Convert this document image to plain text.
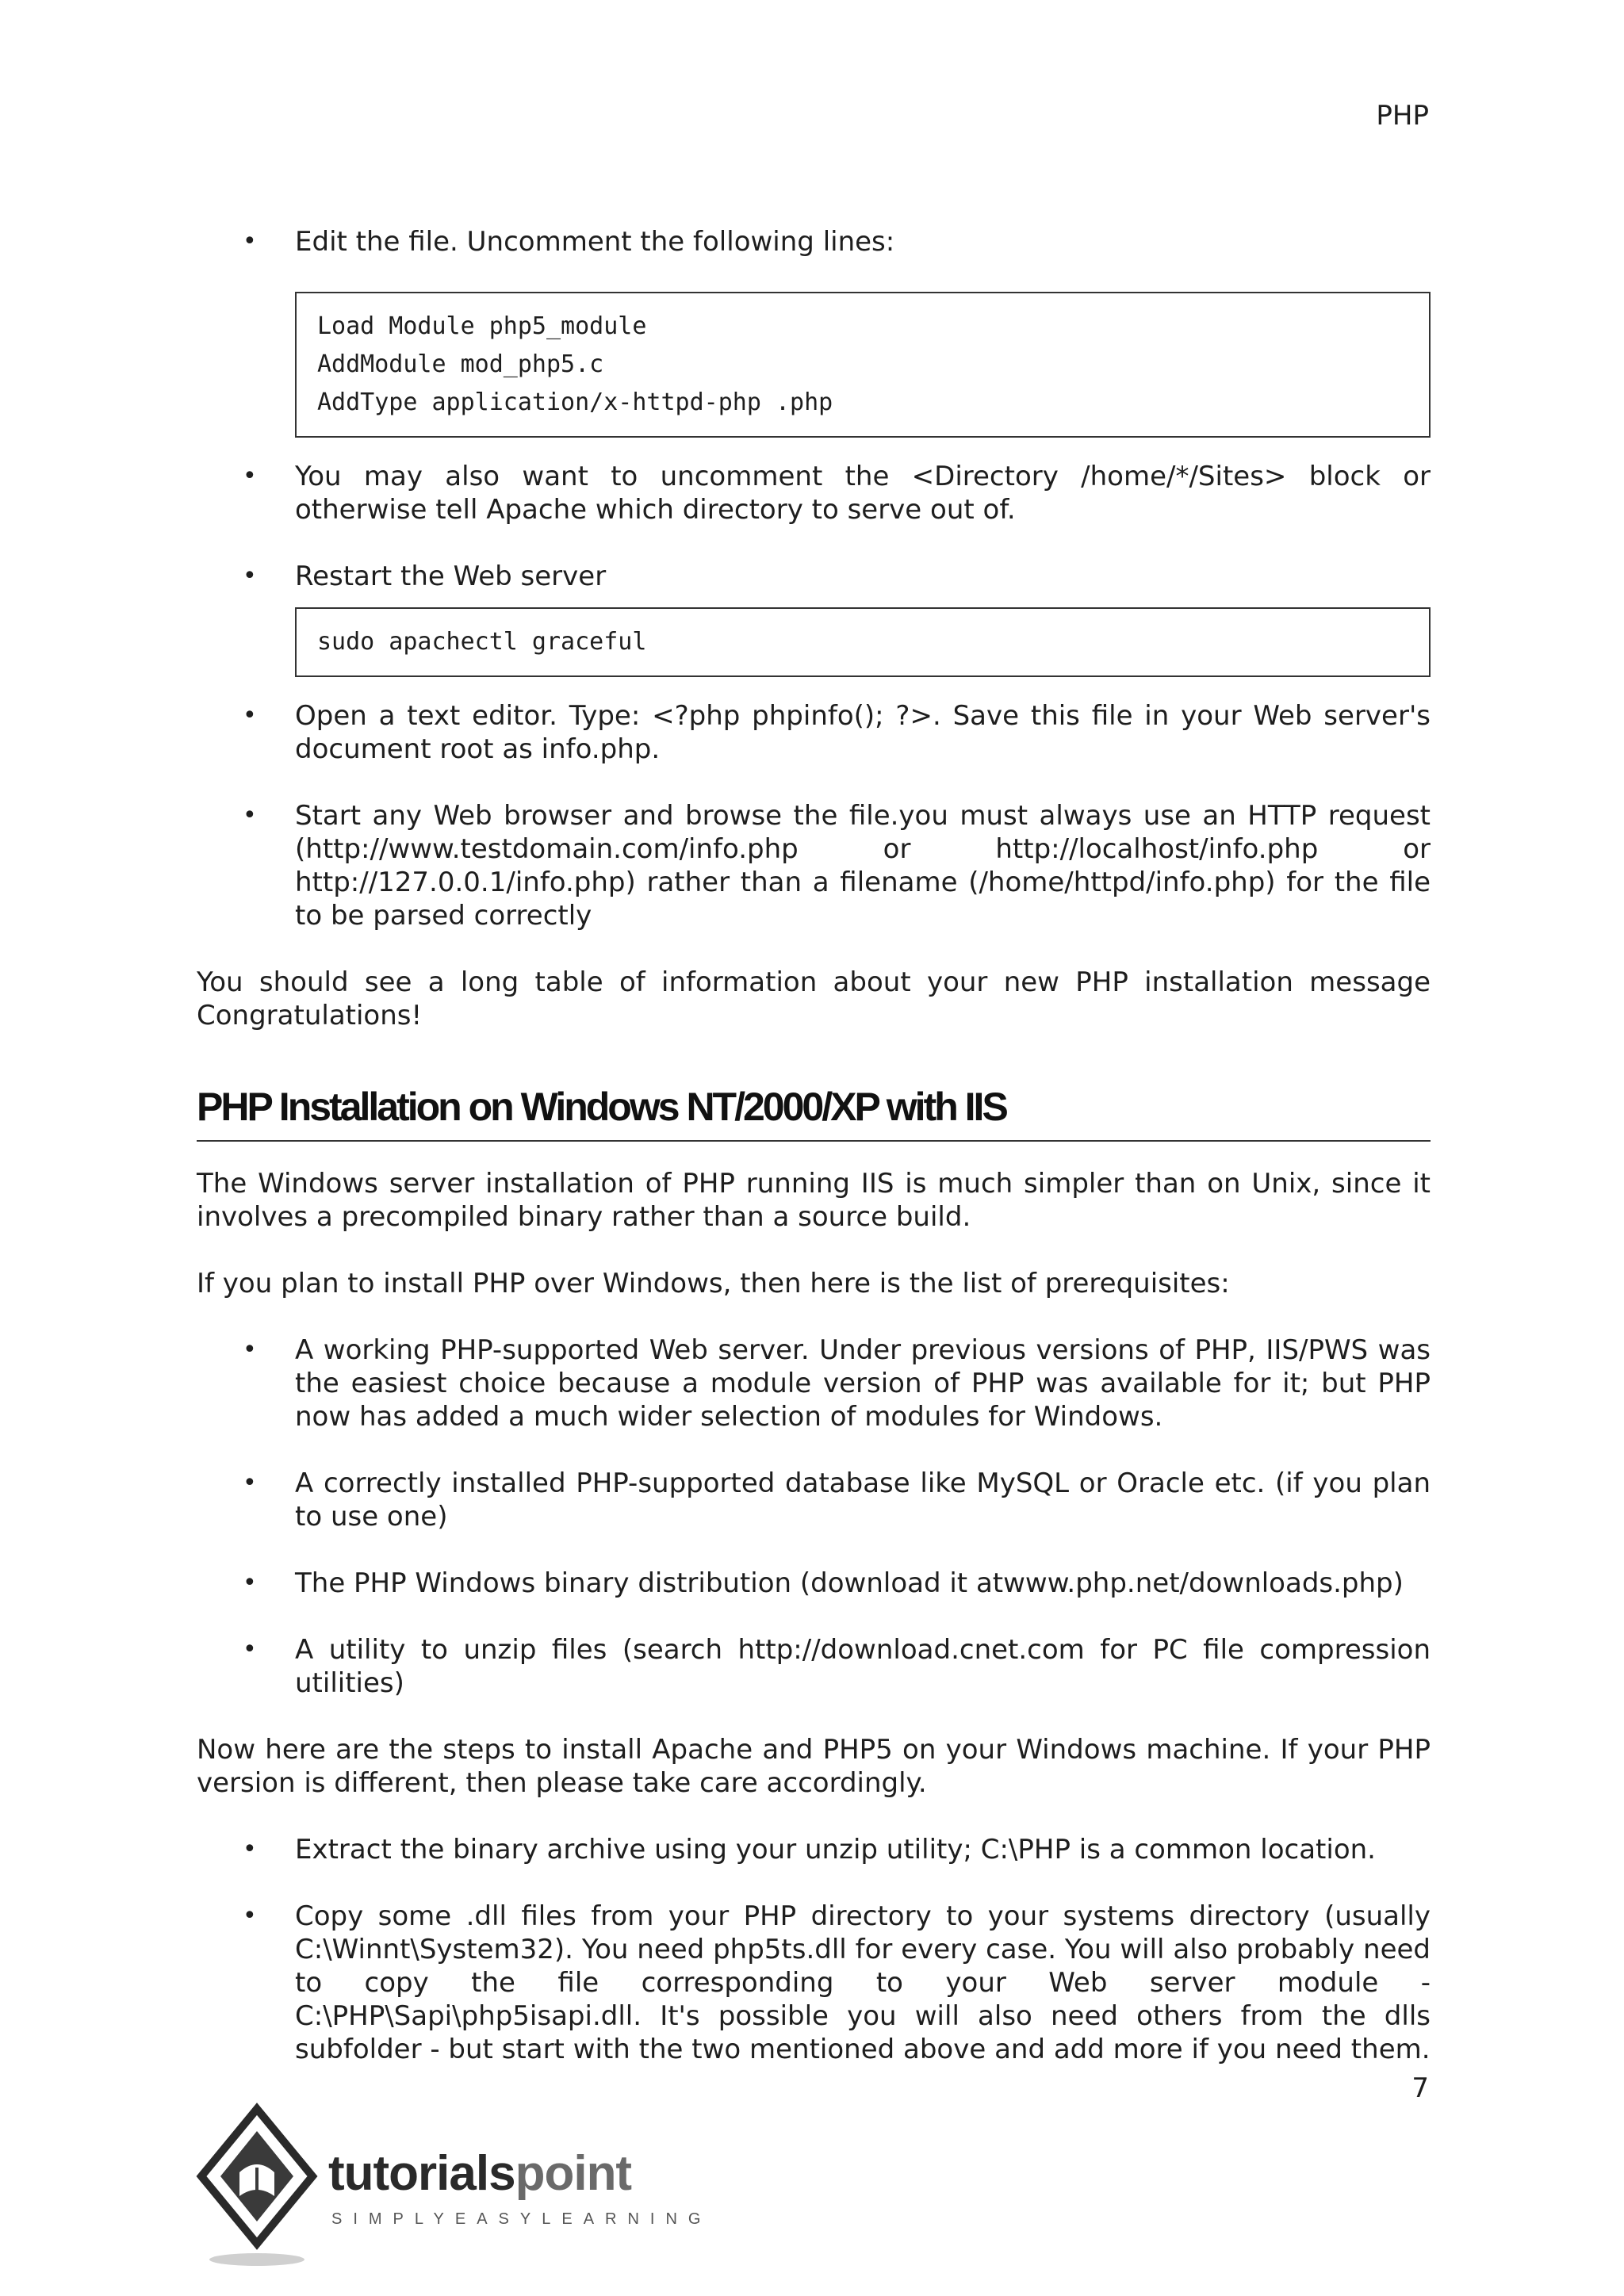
PHP
• Edit the file. Uncomment the following lines:
Load Module php5_module
AddModule mod_php5.c
AddType application/x-httpd-php .php
• You may also want to uncomment the <Directory /home/*/Sites> block or otherwise tell Apache which directory to serve out of.
• Restart the Web server
sudo apachectl graceful
• Open a text editor. Type: <?php phpinfo(); ?>. Save this file in your Web server's document root as info.php.
• Start any Web browser and browse the file.you must always use an HTTP request (http://www.testdomain.com/info.php or http://localhost/info.php or http://127.0.0.1/info.php) rather than a filename (/home/httpd/info.php) for the file to be parsed correctly

You should see a long table of information about your new PHP installation message Congratulations!

PHP Installation on Windows NT/2000/XP with IIS

The Windows server installation of PHP running IIS is much simpler than on Unix, since it involves a precompiled binary rather than a source build.

If you plan to install PHP over Windows, then here is the list of prerequisites:

• A working PHP-supported Web server. Under previous versions of PHP, IIS/PWS was the easiest choice because a module version of PHP was available for it; but PHP now has added a much wider selection of modules for Windows.
• A correctly installed PHP-supported database like MySQL or Oracle etc. (if you plan to use one)
• The PHP Windows binary distribution (download it atwww.php.net/downloads.php)
• A utility to unzip files (search http://download.cnet.com for PC file compression utilities)

Now here are the steps to install Apache and PHP5 on your Windows machine. If your PHP version is different, then please take care accordingly.

• Extract the binary archive using your unzip utility; C:\PHP is a common location.
• Copy some .dll files from your PHP directory to your systems directory (usually C:\Winnt\System32). You need php5ts.dll for every case. You will also probably need to copy the file corresponding to your Web server module - C:\PHP\Sapi\php5isapi.dll. It's possible you will also need others from the dlls subfolder - but start with the two mentioned above and add more if you need them.
7
tutorialspoint
SIMPLYEASYLEARNING
